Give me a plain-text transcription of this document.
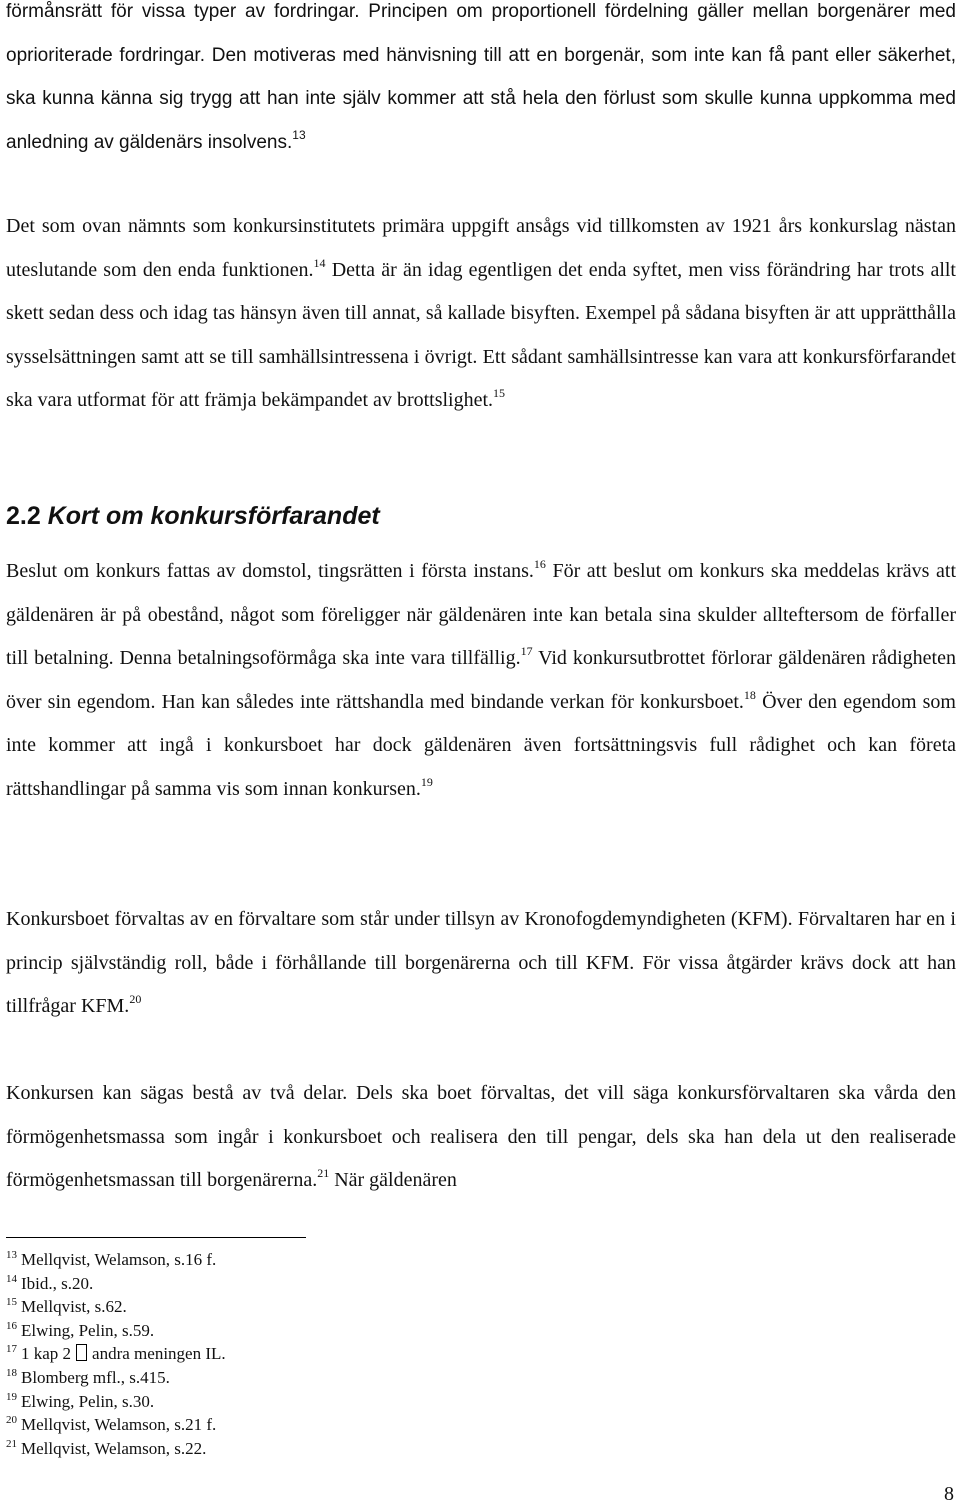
förmånsrätt för vissa typer av fordringar. Principen om proportionell fördelning gäller mellan borgenärer med oprioriterade fordringar. Den motiveras med hänvisning till att en borgenär, som inte kan få pant eller säkerhet, ska kunna känna sig trygg att han inte själv kommer att stå hela den förlust som skulle kunna uppkomma med anledning av gäldenärs insolvens.$^{13}$

Det som ovan nämnts som konkursinstitutets primära uppgift ansågs vid tillkomsten av 1921 års konkurslag nästan uteslutande som den enda funktionen.$^{14}$ Detta är än idag egentligen det enda syftet, men viss förändring har trots allt skett sedan dess och idag tas hänsyn även till annat, så kallade bisyften. Exempel på sådana bisyften är att upprätthålla sysselsättningen samt att se till samhällsintressena i övrigt. Ett sådant samhällsintresse kan vara att konkursförfarandet ska vara utformat för att främja bekämpandet av brottslighet.$^{15}$

2.2 Kort om konkursförfarandet

Beslut om konkurs fattas av domstol, tingsrätten i första instans.$^{16}$ För att beslut om konkurs ska meddelas krävs att gäldenären är på obestånd, något som föreligger när gäldenären inte kan betala sina skulder allteftersom de förfaller till betalning. Denna betalningsoförmåga ska inte vara tillfällig.$^{17}$ Vid konkursutbrottet förlorar gäldenären rådigheten över sin egendom. Han kan således inte rättshandla med bindande verkan för konkursboet.$^{18}$ Över den egendom som inte kommer att ingå i konkursboet har dock gäldenären även fortsättningsvis full rådighet och kan företa rättshandlingar på samma vis som innan konkursen.$^{19}$

Konkursboet förvaltas av en förvaltare som står under tillsyn av Kronofogdemyndigheten (KFM). Förvaltaren har en i princip självständig roll, både i förhållande till borgenärerna och till KFM. För vissa åtgärder krävs dock att han tillfrågar KFM.$^{20}$

Konkursen kan sägas bestå av två delar. Dels ska boet förvaltas, det vill säga konkursförvaltaren ska vårda den förmögenhetsmassa som ingår i konkursboet och realisera den till pengar, dels ska han dela ut den realiserade förmögenhetsmassan till borgenärerna.$^{21}$ När gäldenären

$^{13}$ Mellqvist, Welamson, s.16 f.
$^{14}$ Ibid., s.20.
$^{15}$ Mellqvist, s.62.
$^{16}$ Elwing, Pelin, s.59.
$^{17}$ 1 kap 2 andra meningen IL.
$^{18}$ Blomberg mfl., s.415.
$^{19}$ Elwing, Pelin, s.30.
$^{20}$ Mellqvist, Welamson, s.21 f.
$^{21}$ Mellqvist, Welamson, s.22.
8
